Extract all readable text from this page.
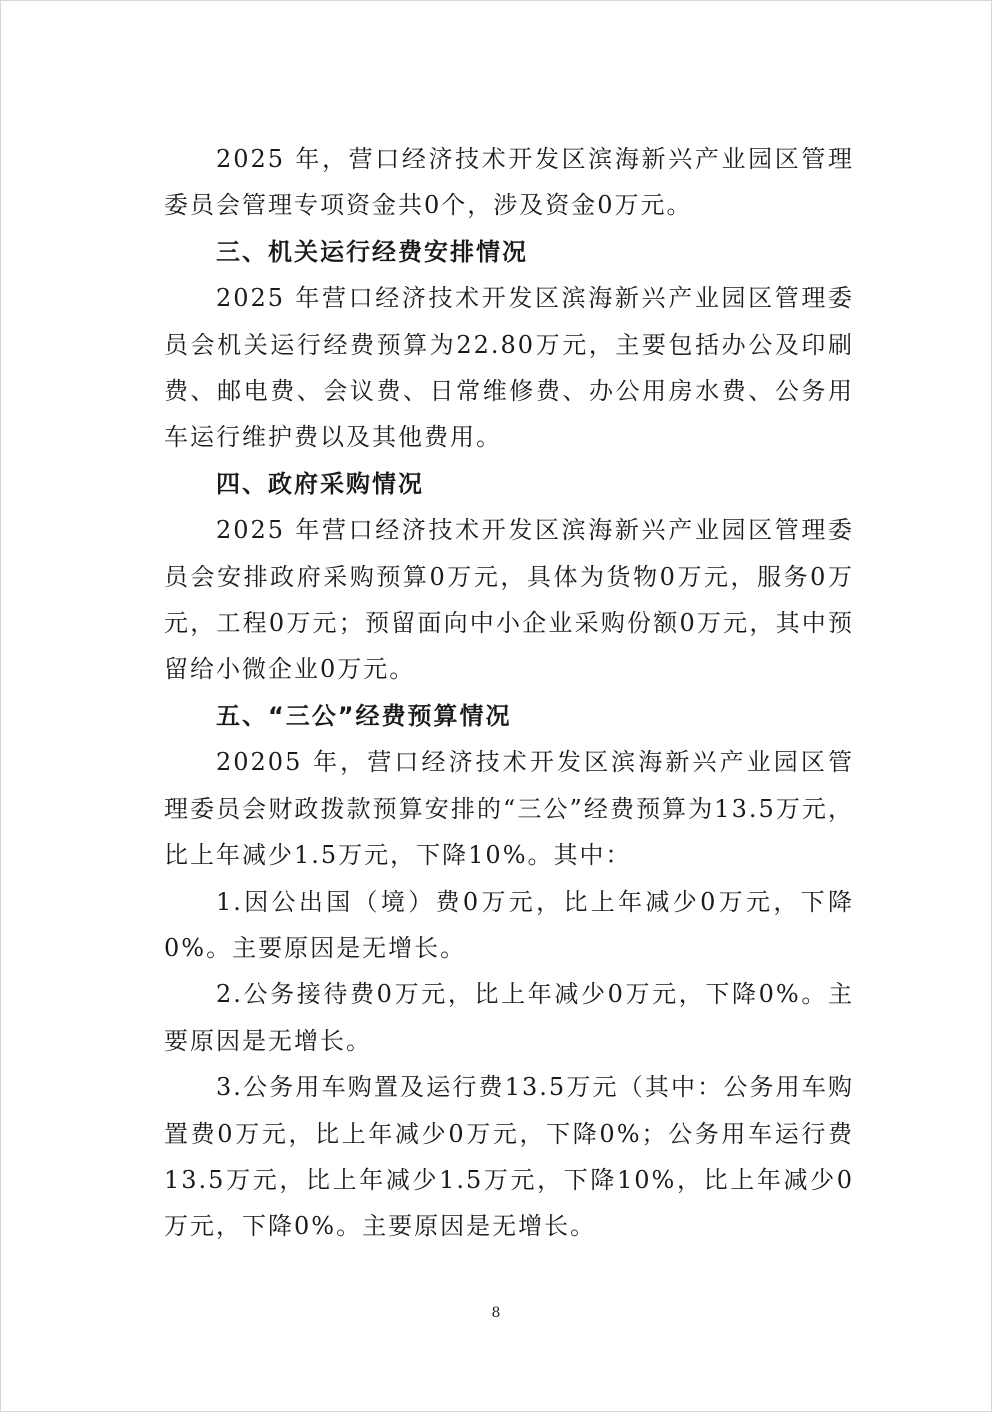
2025 年，营口经济技术开发区滨海新兴产业园区管理委员会管理专项资金共0个，涉及资金0万元。

三、机关运行经费安排情况

2025 年营口经济技术开发区滨海新兴产业园区管理委员会机关运行经费预算为22.80万元，主要包括办公及印刷费、邮电费、会议费、日常维修费、办公用房水费、公务用车运行维护费以及其他费用。

四、政府采购情况

2025 年营口经济技术开发区滨海新兴产业园区管理委员会安排政府采购预算0万元，具体为货物0万元，服务0万元，工程0万元；预留面向中小企业采购份额0万元，其中预留给小微企业0万元。

五、“三公”经费预算情况

20205 年，营口经济技术开发区滨海新兴产业园区管理委员会财政拨款预算安排的“三公”经费预算为13.5万元，比上年减少1.5万元，下降10%。其中：

1.因公出国（境）费0万元，比上年减少0万元，下降0%。主要原因是无增长。

2.公务接待费0万元，比上年减少0万元，下降0%。主要原因是无增长。

3.公务用车购置及运行费13.5万元（其中：公务用车购置费0万元，比上年减少0万元，下降0%；公务用车运行费13.5万元，比上年减少1.5万元，下降10%，比上年减少0万元，下降0%。主要原因是无增长。

8
